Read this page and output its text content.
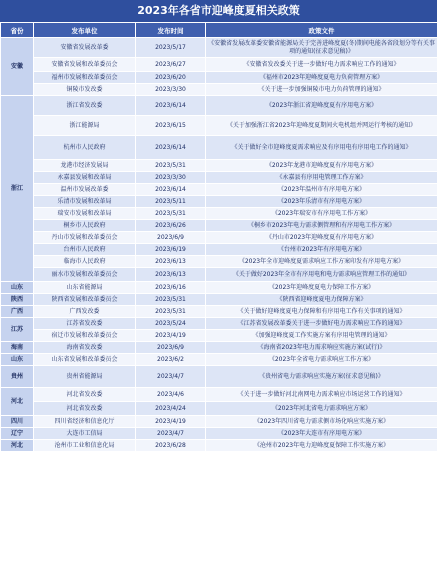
2023年各省市迎峰度夏相关政策
省份	发布单位	发布时间	政策文件
安徽	安徽省发展改革委	2023/5/17	《安徽省发展改革委安徽省能源局关于完善进峰度夏(冬)期间电能各省段划分等有关事项的通知(征求意见稿)》
	安徽省发展和改革委员会	2023/6/27	《安徽省发改委关于进一步做好电力需求响应工作的通知》
	福州市发展和改革委员会	2023/6/20	《福州市2023年迎峰度夏电力负荷管理方案》
	铜陵市发改委	2023/3/30	《关于进一步加强铜陵市电力负荷管理的通知》
浙江	浙江省发改委	2023/6/14	《2023年浙江省迎峰度夏有序用电方案》
	浙江能源局	2023/6/15	《关于加强浙江省2023年迎峰度夏期间火电机组并网运行考核的通知》
	杭州市人民政府	2023/6/14	《关于做好全市迎峰度夏需求响应及有序用电有序用电工作的通知》
	龙港市经济发展局	2023/5/31	《2023年龙港市迎峰度夏有序用电方案》
	永嘉县发展和改革局	2023/3/30	《永嘉县有序用电管理工作方案》
	温州市发展改革委	2023/6/14	《2023年温州市有序用电方案》
	乐清市发展和改革局	2023/5/11	《2023年乐清市有序用电方案》
	瑞安市发展和改革局	2023/5/31	《2023年瑞安市有序用电工作方案》
	桐乡市人民政府	2023/6/26	《桐乡市2023年电力需求侧管理和有序用电工作方案》
	丹山市发展和改革委员会	2023/6/9	《丹山市2023年迎峰度夏有序用电方案》
	台州市人民政府	2023/6/19	《台州市2023年有序用电方案》
	临海市人民政府	2023/6/13	《2023年全市迎峰度夏需求响应工作方案印发有序用电方案》
	丽水市发展和改革委员会	2023/6/13	《关于做好2023年全市有序用电和电力需求响应管理工作的通知》
山东	山东省能源局	2023/6/16	《2023年迎峰度夏电力保障工作方案》
陕西	陕西省发展和改革委员会	2023/5/31	《陕西省迎峰度夏电力保障方案》
广西	广西发改委	2023/5/31	《关于做好迎峰度夏电力保障和有序用电工作有关事项的通知》
江苏	江苏省发改委	2023/5/24	《江苏省发展改革委关于进一步做好电力需求响应工作的通知》
	宿迁市发展和改革委员会	2023/4/19	《加强迎峰度夏工作实施方案有序用电管理的通知》
海南	海南省发改委	2023/6/9	《海南省2023年电力需求响应实施方案(试行)》
山东	山东省发展和改革委员会	2023/6/2	《2023年全省电力需求响应工作方案》
贵州	贵州省能源局	2023/4/7	《贵州省电力需求响应实施方案(征求意见稿)》
河北	河北省发改委	2023/4/6	《关于进一步做好河北南网电力需求响应市场运营工作的通知》
	河北省发改委	2023/4/24	《2023年河北省电力需求响应方案》
四川	四川省经济和信息化厅	2023/4/19	《2023年四川省电力需求侧市场化响应实施方案》
辽宁	大连市工信局	2023/4/7	《2023年大连市有序用电方案》
河北	沧州市工业和信息化局	2023/6/28	《沧州市2023年电力迎峰度夏保障工作实施方案》
